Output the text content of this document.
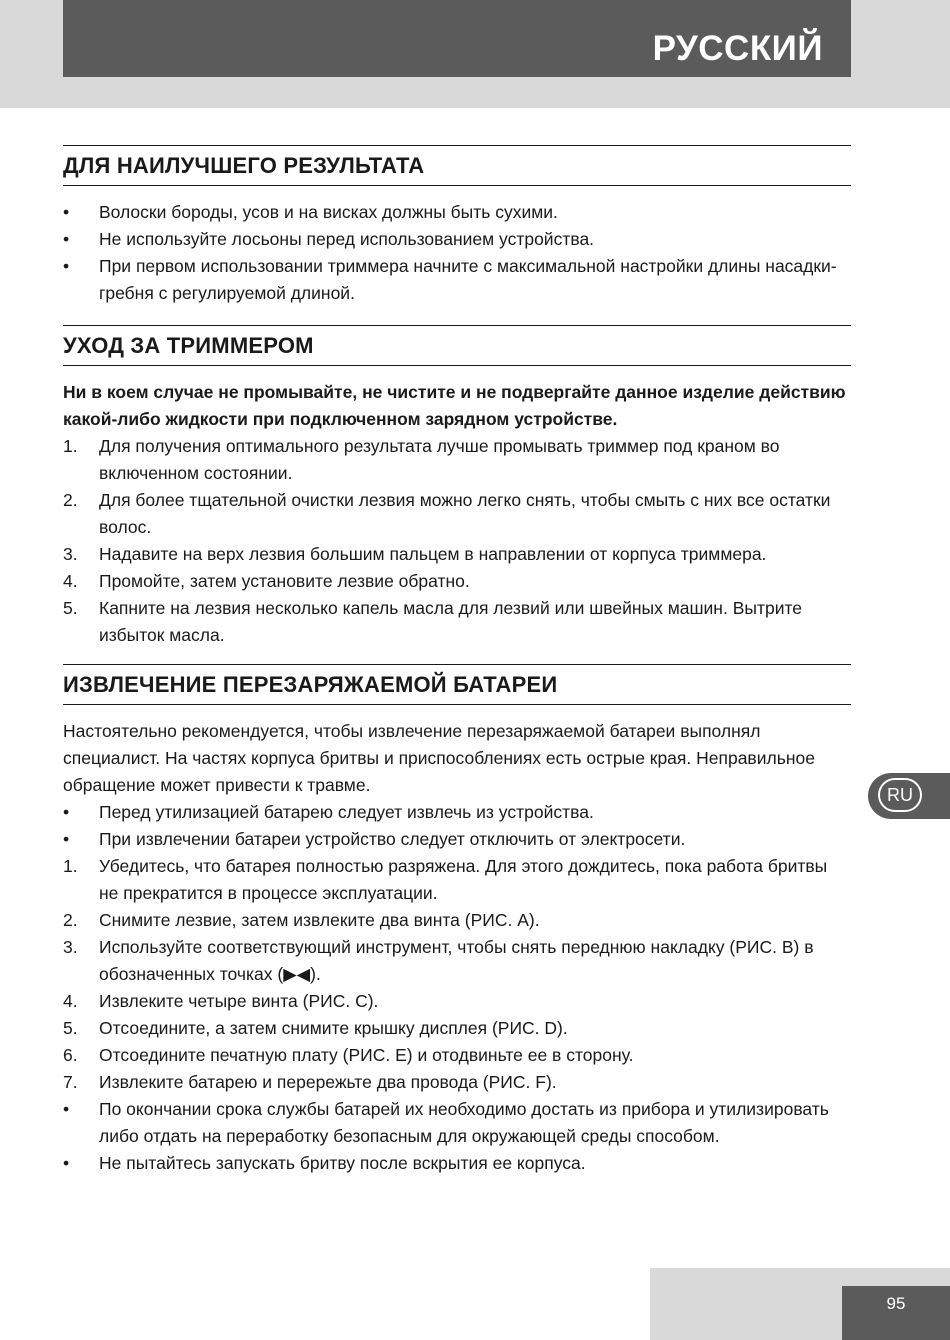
РУССКИЙ
ДЛЯ НАИЛУЧШЕГО РЕЗУЛЬТАТА
•	Волоски бороды, усов и на висках должны быть сухими.
•	Не используйте лосьоны перед использованием устройства.
•	При первом использовании триммера начните с максимальной настройки длины насадки-гребня с регулируемой длиной.
УХОД ЗА ТРИММЕРОМ
Ни в коем случае не промывайте, не чистите и не подвергайте данное изделие действию какой-либо жидкости при подключенном зарядном устройстве.
1.	Для получения оптимального результата лучше промывать триммер под краном во включенном состоянии.
2.	Для более тщательной очистки лезвия можно легко снять, чтобы смыть с них все остатки волос.
3.	Надавите на верх лезвия большим пальцем в направлении от корпуса триммера.
4.	Промойте, затем установите лезвие обратно.
5.	Капните на лезвия несколько капель масла для лезвий или швейных машин. Вытрите избыток масла.
ИЗВЛЕЧЕНИЕ ПЕРЕЗАРЯЖАЕМОЙ БАТАРЕИ
Настоятельно рекомендуется, чтобы извлечение перезаряжаемой батареи выполнял специалист. На частях корпуса бритвы и приспособлениях есть острые края. Неправильное обращение может привести к травме.
•	Перед утилизацией батарею следует извлечь из устройства.
•	При извлечении батареи устройство следует отключить от электросети.
1.	Убедитесь, что батарея полностью разряжена. Для этого дождитесь, пока работа бритвы не прекратится в процессе эксплуатации.
2.	Снимите лезвие, затем извлеките два винта (РИС. A).
3.	Используйте соответствующий инструмент, чтобы снять переднюю накладку (РИС. B) в обозначенных точках (▶◀).
4.	Извлеките четыре винта (РИС. C).
5.	Отсоедините, а затем снимите крышку дисплея (РИС. D).
6.	Отсоедините печатную плату (РИС. E) и отодвиньте ее в сторону.
7.	Извлеките батарею и перережьте два провода (РИС. F).
•	По окончании срока службы батарей их необходимо достать из прибора и утилизировать либо отдать на переработку безопасным для окружающей среды способом.
•	Не пытайтесь запускать бритву после вскрытия ее корпуса.
RU
95
